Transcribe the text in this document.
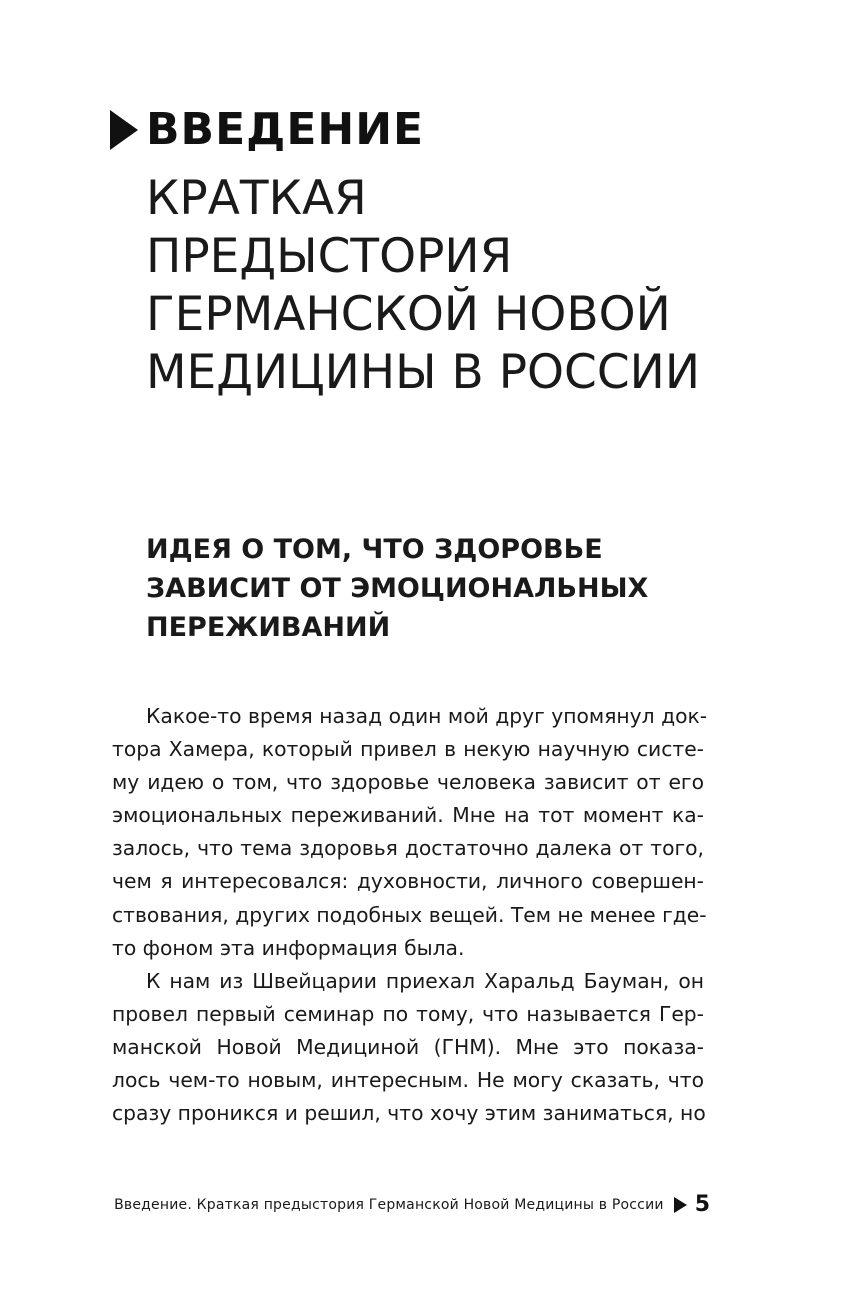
ВВЕДЕНИЕ
КРАТКАЯ
ПРЕДЫСТОРИЯ
ГЕРМАНСКОЙ НОВОЙ
МЕДИЦИНЫ В РОССИИ
ИДЕЯ О ТОМ, ЧТО ЗДОРОВЬЕ
ЗАВИСИТ ОТ ЭМОЦИОНАЛЬНЫХ
ПЕРЕЖИВАНИЙ
Какое-то время назад один мой друг упомянул док-
тора Хамера, который привел в некую научную систе-
му идею о том, что здоровье человека зависит от его
эмоциональных переживаний. Мне на тот момент ка-
залось, что тема здоровья достаточно далека от того,
чем я интересовался: духовности, личного совершен-
ствования, других подобных вещей. Тем не менее где-
то фоном эта информация была.
К нам из Швейцарии приехал Харальд Бауман, он
провел первый семинар по тому, что называется Гер-
манской Новой Медициной (ГНМ). Мне это показа-
лось чем-то новым, интересным. Не могу сказать, что
сразу проникся и решил, что хочу этим заниматься, но
Введение. Краткая предыстория Германской Новой Медицины в России 5
